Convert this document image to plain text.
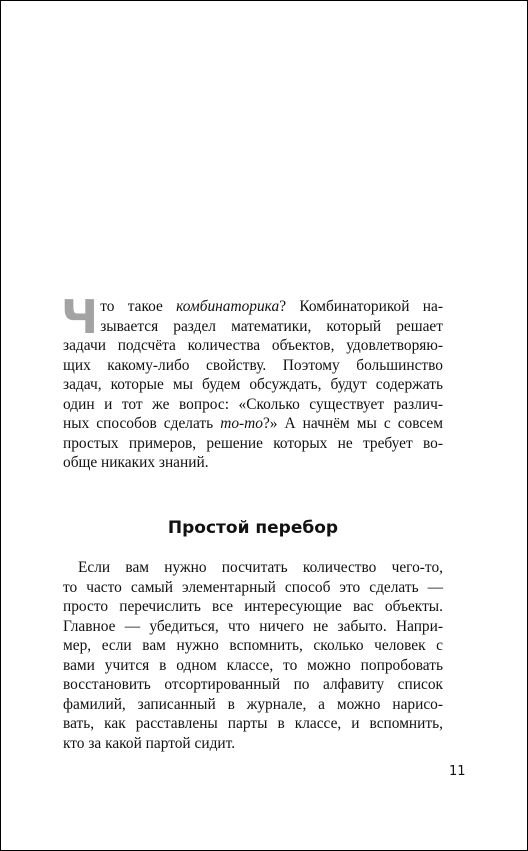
Ч то такое комбинаторика? Комбинаторикой на-
зывается раздел математики, который решает
задачи подсчёта количества объектов, удовлетворяю-
щих какому-либо свойству. Поэтому большинство
задач, которые мы будем обсуждать, будут содержать
один и тот же вопрос: «Сколько существует различ-
ных способов сделать то-то?» А начнём мы с совсем
простых примеров, решение которых не требует во-
обще никаких знаний.
Простой перебор
Если вам нужно посчитать количество чего-то,
то часто самый элементарный способ это сделать —
просто перечислить все интересующие вас объекты.
Главное — убедиться, что ничего не забыто. Напри-
мер, если вам нужно вспомнить, сколько человек с
вами учится в одном классе, то можно попробовать
восстановить отсортированный по алфавиту список
фамилий, записанный в журнале, а можно нарисо-
вать, как расставлены парты в классе, и вспомнить,
кто за какой партой сидит.
11
